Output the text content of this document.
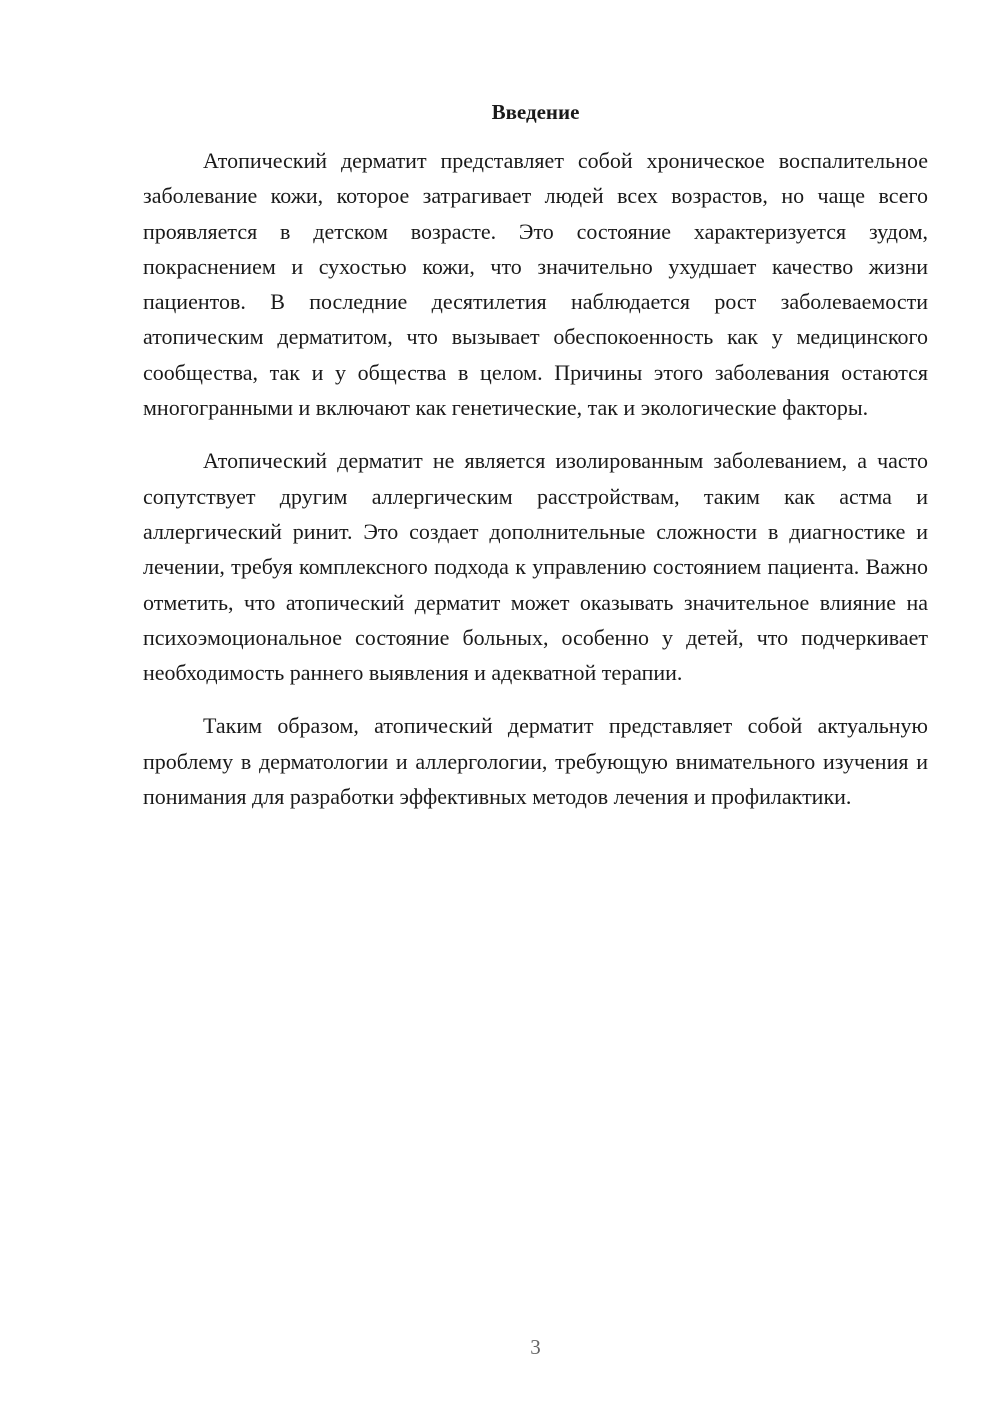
Введение

Атопический дерматит представляет собой хроническое воспалительное заболевание кожи, которое затрагивает людей всех возрастов, но чаще всего проявляется в детском возрасте. Это состояние характеризуется зудом, покраснением и сухостью кожи, что значительно ухудшает качество жизни пациентов. В последние десятилетия наблюдается рост заболеваемости атопическим дерматитом, что вызывает обеспокоенность как у медицинского сообщества, так и у общества в целом. Причины этого заболевания остаются многогранными и включают как генетические, так и экологические факторы.

Атопический дерматит не является изолированным заболеванием, а часто сопутствует другим аллергическим расстройствам, таким как астма и аллергический ринит. Это создает дополнительные сложности в диагностике и лечении, требуя комплексного подхода к управлению состоянием пациента. Важно отметить, что атопический дерматит может оказывать значительное влияние на психоэмоциональное состояние больных, особенно у детей, что подчеркивает необходимость раннего выявления и адекватной терапии.

Таким образом, атопический дерматит представляет собой актуальную проблему в дерматологии и аллергологии, требующую внимательного изучения и понимания для разработки эффективных методов лечения и профилактики.

3
